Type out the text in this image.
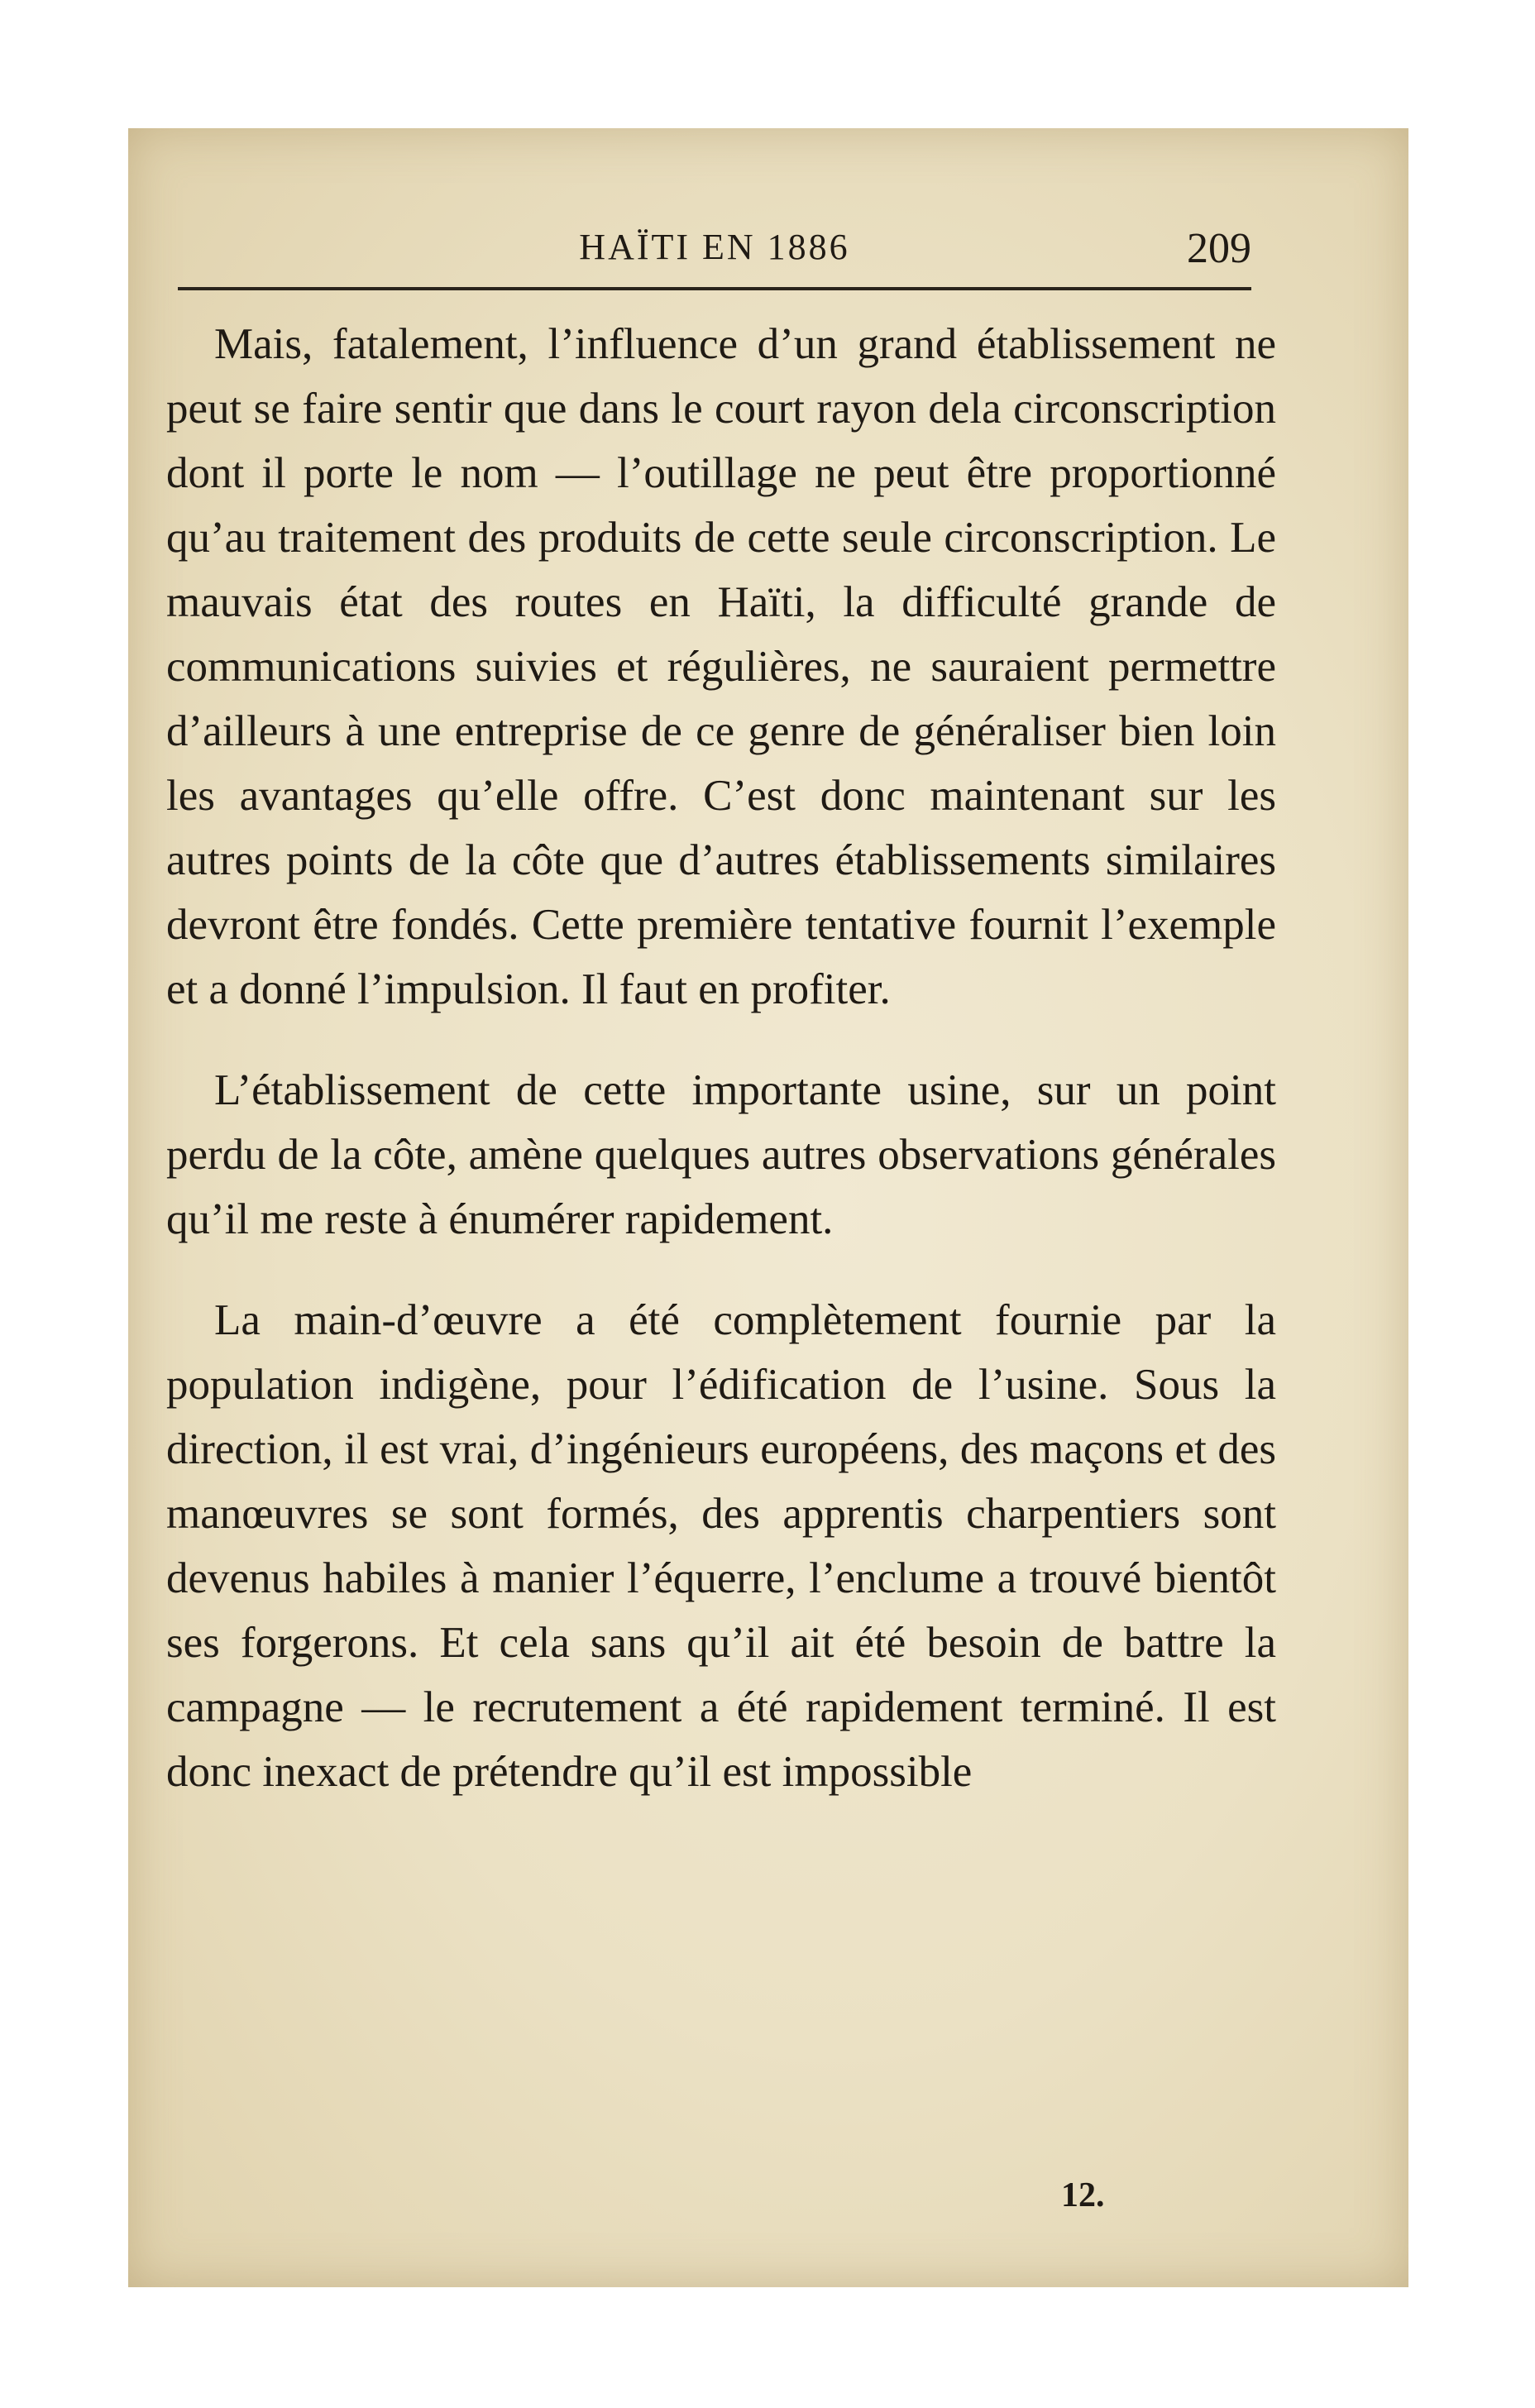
HAÏTI EN 1886	209

Mais, fatalement, l’influence d’un grand établissement ne peut se faire sentir que dans le court rayon dela circonscription dont il porte le nom — l’outillage ne peut être proportionné qu’au traitement des produits de cette seule circonscription. Le mauvais état des routes en Haïti, la difficulté grande de communications suivies et régulières, ne sauraient permettre d’ailleurs à une entreprise de ce genre de généraliser bien loin les avantages qu’elle offre. C’est donc maintenant sur les autres points de la côte que d’autres établissements similaires devront être fondés. Cette première tentative fournit l’exemple et a donné l’impulsion. Il faut en profiter.

L’établissement de cette importante usine, sur un point perdu de la côte, amène quelques autres observations générales qu’il me reste à énumérer rapidement.

La main-d’œuvre a été complètement fournie par la population indigène, pour l’édification de l’usine. Sous la direction, il est vrai, d’ingénieurs européens, des maçons et des manœuvres se sont formés, des apprentis charpentiers sont devenus habiles à manier l’équerre, l’enclume a trouvé bientôt ses forgerons. Et cela sans qu’il ait été besoin de battre la campagne — le recrutement a été rapidement terminé. Il est donc inexact de prétendre qu’il est impossible

12.
